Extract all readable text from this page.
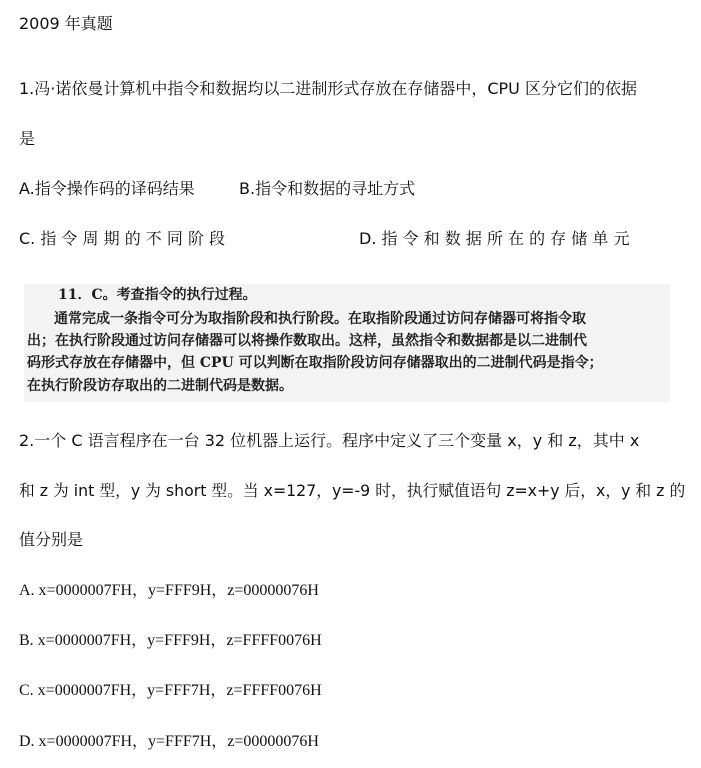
2009 年真题
1.冯·诺依曼计算机中指令和数据均以二进制形式存放在存储器中，CPU 区分它们的依据
是
A.指令操作码的译码结果	B.指令和数据的寻址方式
C. 指 令 周 期 的 不 同 阶 段	D. 指 令 和 数 据 所 在 的 存 储 单 元
11．C。考查指令的执行过程。
通常完成一条指令可分为取指阶段和执行阶段。在取指阶段通过访问存储器可将指令取
出；在执行阶段通过访问存储器可以将操作数取出。这样，虽然指令和数据都是以二进制代
码形式存放在存储器中，但 CPU 可以判断在取指阶段访问存储器取出的二进制代码是指令；
在执行阶段访存取出的二进制代码是数据。
2.一个 C 语言程序在一台 32 位机器上运行。程序中定义了三个变量 x，y 和 z，其中 x
和 z 为 int 型，y 为 short 型。当 x=127，y=-9 时，执行赋值语句 z=x+y 后，x，y 和 z 的
值分别是
A. x=0000007FH，y=FFF9H，z=00000076H
B. x=0000007FH，y=FFF9H，z=FFFF0076H
C. x=0000007FH，y=FFF7H，z=FFFF0076H
D. x=0000007FH，y=FFF7H，z=00000076H
